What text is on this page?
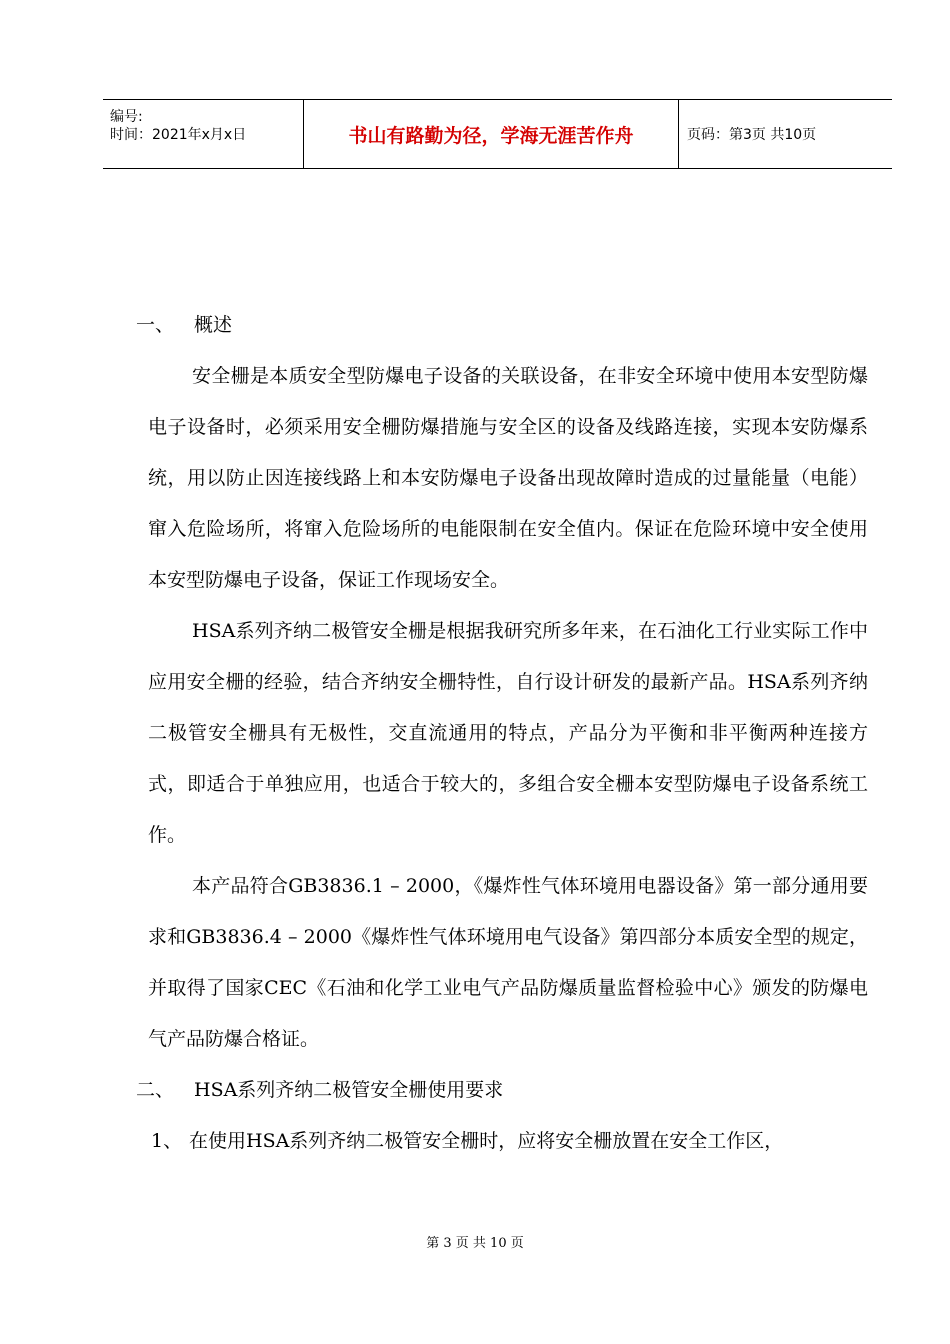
编号:
时间：2021年x月x日	书山有路勤为径，学海无涯苦作舟	页码：第3页 共10页
一、 概述

安全栅是本质安全型防爆电子设备的关联设备，在非安全环境中使用本安型防爆电子设备时，必须采用安全栅防爆措施与安全区的设备及线路连接，实现本安防爆系统，用以防止因连接线路上和本安防爆电子设备出现故障时造成的过量能量（电能）窜入危险场所，将窜入危险场所的电能限制在安全值内。保证在危险环境中安全使用本安型防爆电子设备，保证工作现场安全。

HSA系列齐纳二极管安全栅是根据我研究所多年来，在石油化工行业实际工作中应用安全栅的经验，结合齐纳安全栅特性，自行设计研发的最新产品。HSA系列齐纳二极管安全栅具有无极性，交直流通用的特点，产品分为平衡和非平衡两种连接方式，即适合于单独应用，也适合于较大的，多组合安全栅本安型防爆电子设备系统工作。

本产品符合GB3836.1 – 2000，《爆炸性气体环境用电器设备》第一部分通用要求和GB3836.4 – 2000《爆炸性气体环境用电气设备》第四部分本质安全型的规定，并取得了国家CEC《石油和化学工业电气产品防爆质量监督检验中心》颁发的防爆电气产品防爆合格证。

二、 HSA系列齐纳二极管安全栅使用要求
1、 在使用HSA系列齐纳二极管安全栅时，应将安全栅放置在安全工作区，
第 3 页 共 10 页
